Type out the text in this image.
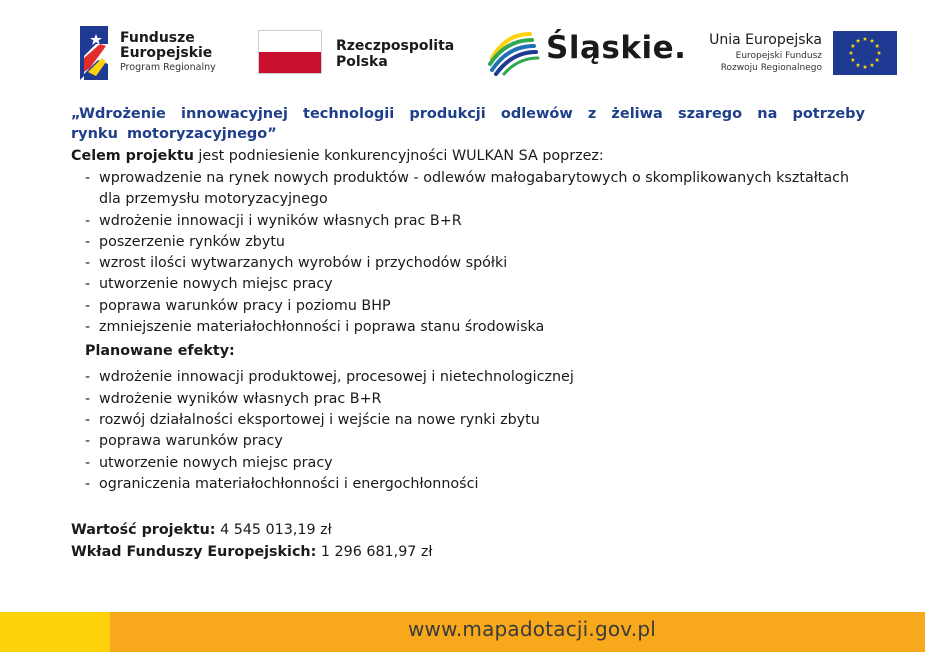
Fundusze
Europejskie
Program Regionalny
Rzeczpospolita
Polska	Śląskie. Unia Europejska
Europejski Fundusz
Rozwoju Regionalnego

„Wdrożenie innowacyjnej technologii produkcji odlewów z żeliwa szarego na potrzeby rynku motoryzacyjnego”

Celem projektu jest podniesienie konkurencyjności WULKAN SA poprzez:

- wprowadzenie na rynek nowych produktów - odlewów małogabarytowych o skomplikowanych kształtach dla przemysłu motoryzacyjnego
- wdrożenie innowacji i wyników własnych prac B+R
- poszerzenie rynków zbytu
- wzrost ilości wytwarzanych wyrobów i przychodów spółki
- utworzenie nowych miejsc pracy
- poprawa warunków pracy i poziomu BHP
- zmniejszenie materiałochłonności i poprawa stanu środowiska
Planowane efekty:
- wdrożenie innowacji produktowej, procesowej i nietechnologicznej
- wdrożenie wyników własnych prac B+R
- rozwój działalności eksportowej i wejście na nowe rynki zbytu
- poprawa warunków pracy
- utworzenie nowych miejsc pracy
- ograniczenia materiałochłonności i energochłonności

Wartość projektu: 4 545 013,19 zł

Wkład Funduszy Europejskich: 1 296 681,97 zł

www.mapadotacji.gov.pl
